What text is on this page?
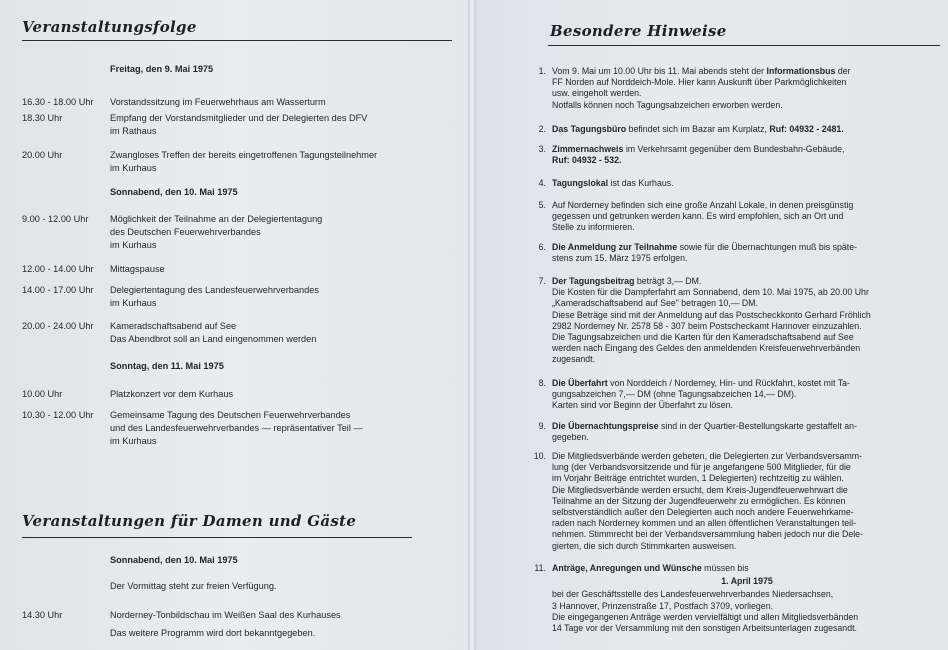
Veranstaltungsfolge
Freitag, den 9. Mai 1975
16.30 - 18.00 Uhr Vorstandssitzung im Feuerwehrhaus am Wasserturm
18.30 Uhr	Empfang der Vorstandsmitglieder und der Delegierten des DFV
im Rathaus
20.00 Uhr	Zwangloses Treffen der bereits eingetroffenen Tagungsteilnehmer
im Kurhaus
Sonnabend, den 10. Mai 1975
9.00 - 12.00 Uhr Möglichkeit der Teilnahme an der Delegiertentagung
des Deutschen Feuerwehrverbandes
im Kurhaus
12.00 - 14.00 Uhr Mittagspause
14.00 - 17.00 Uhr Delegiertentagung des Landesfeuerwehrverbandes
im Kurhaus
20.00 - 24.00 Uhr Kameradschaftsabend auf See
Das Abendbrot soll an Land eingenommen werden
Sonntag, den 11. Mai 1975
10.00 Uhr	Platzkonzert vor dem Kurhaus
10.30 - 12.00 Uhr Gemeinsame Tagung des Deutschen Feuerwehrverbandes
und des Landesfeuerwehrverbandes — repräsentativer Teil —
im Kurhaus
Veranstaltungen für Damen und Gäste
Sonnabend, den 10. Mai 1975
Der Vormittag steht zur freien Verfügung.
14.30 Uhr	Norderney-Tonbildschau im Weißen Saal des Kurhauses
Das weitere Programm wird dort bekanntgegeben.
Besondere Hinweise
1. Vom 9. Mai um 10.00 Uhr bis 11. Mai abends steht der Informationsbus der

FF Norden auf Norddeich-Mole. Hier kann Auskunft über Parkmöglichkeiten

usw. eingeholt werden.

Notfalls können noch Tagungsabzeichen erworben werden.

2. Das Tagungsbüro befindet sich im Bazar am Kurplatz, Ruf: 04932 - 2481.

3. Zimmernachweis im Verkehrsamt gegenüber dem Bundesbahn-Gebäude,

Ruf: 04932 - 532.

4. Tagungslokal ist das Kurhaus.

5. Auf Norderney befinden sich eine große Anzahl Lokale, in denen preisgünstig

gegessen und getrunken werden kann. Es wird empfohlen, sich an Ort und

Stelle zu informieren.

6. Die Anmeldung zur Teilnahme sowie für die Übernachtungen muß bis späte-

stens zum 15. März 1975 erfolgen.

7. Der Tagungsbeitrag beträgt 3,— DM.

Die Kosten für die Dampferfahrt am Sonnabend, dem 10. Mai 1975, ab 20.00 Uhr

„Kameradschaftsabend auf See" betragen 10,— DM.

Diese Beträge sind mit der Anmeldung auf das Postscheckkonto Gerhard Fröhlich

2982 Norderney Nr. 2578 58 - 307 beim Postscheckamt Hannover einzuzahlen.

Die Tagungsabzeichen und die Karten für den Kameradschaftsabend auf See

werden nach Eingang des Geldes den anmeldenden Kreisfeuerwehrverbänden

zugesandt.

8. Die Überfahrt von Norddeich / Norderney, Hin- und Rückfahrt, kostet mit Ta-

gungsabzeichen 7,— DM (ohne Tagungsabzeichen 14,— DM).

Karten sind vor Beginn der Überfahrt zu lösen.

9. Die Übernachtungspreise sind in der Quartier-Bestellungskarte gestaffelt an-

gegeben.

10. Die Mitgliedsverbände werden gebeten, die Delegierten zur Verbandsversamm-

lung (der Verbandsvorsitzende und für je angefangene 500 Mitglieder, für die

im Vorjahr Beiträge entrichtet wurden, 1 Delegierten) rechtzeitig zu wählen.

Die Mitgliedsverbände werden ersucht, dem Kreis-Jugendfeuerwehrwart die

Teilnahme an der Sitzung der Jugendfeuerwehr zu ermöglichen. Es können

selbstverständlich außer den Delegierten auch noch andere Feuerwehrkame-

raden nach Norderney kommen und an allen öffentlichen Veranstaltungen teil-

nehmen. Stimmrecht bei der Verbandsversammlung haben jedoch nur die Dele-

gierten, die sich durch Stimmkarten ausweisen.

11. Anträge, Anregungen und Wünsche müssen bis

1. April 1975

bei der Geschäftsstelle des Landesfeuerwehrverbandes Niedersachsen,

3 Hannover, Prinzenstraße 17, Postfach 3709, vorliegen.

Die eingegangenen Anträge werden vervielfältigt und allen Mitgliedsverbänden

14 Tage vor der Versammlung mit den sonstigen Arbeitsunterlagen zugesandt.
